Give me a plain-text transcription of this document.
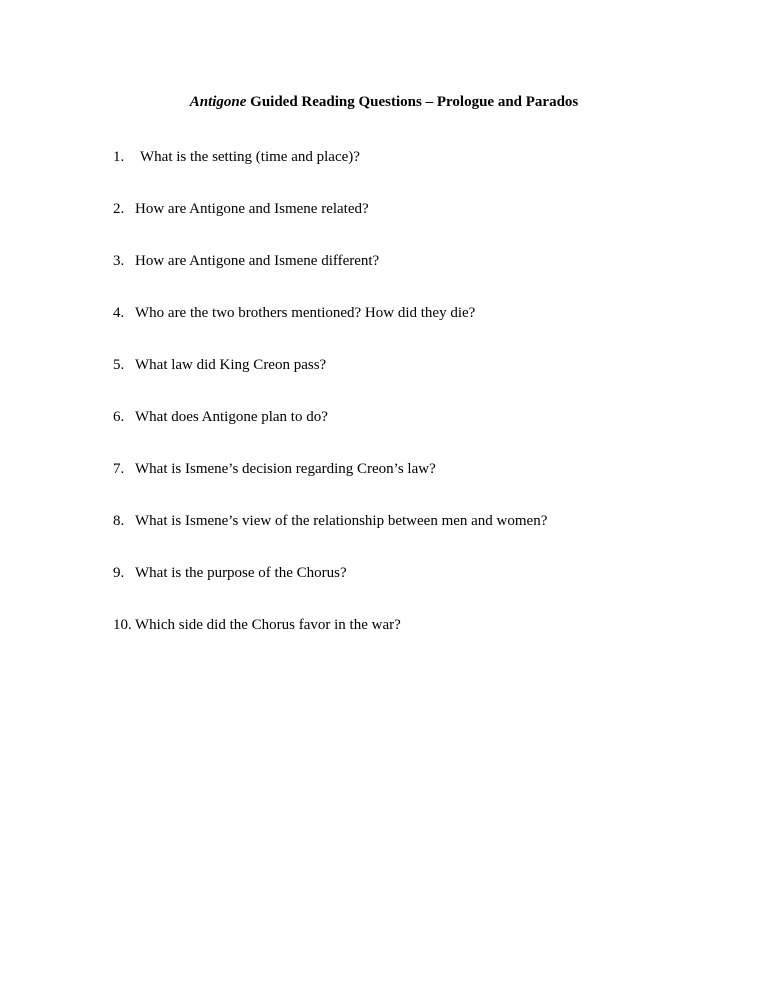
Antigone Guided Reading Questions – Prologue and Parados
1. What is the setting (time and place)?
2. How are Antigone and Ismene related?
3. How are Antigone and Ismene different?
4. Who are the two brothers mentioned? How did they die?
5. What law did King Creon pass?
6. What does Antigone plan to do?
7. What is Ismene’s decision regarding Creon’s law?
8. What is Ismene’s view of the relationship between men and women?
9. What is the purpose of the Chorus?
10. Which side did the Chorus favor in the war?
